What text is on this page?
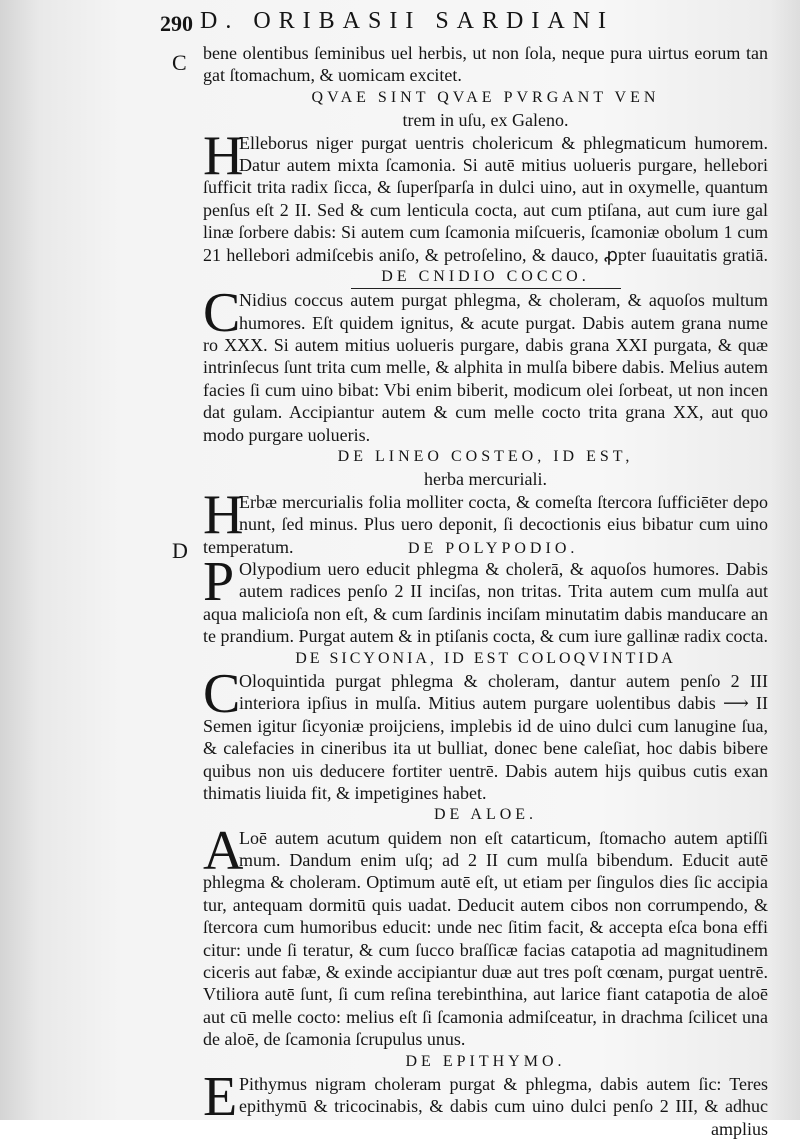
290 D. ORIBASII SARDIANI
C
D

bene olentibus ſeminibus uel herbis, ut non ſola, neque pura uirtus eorum tan
gat ſtomachum, & uomicam excitet.
QVAE SINT QVAE PVRGANT VEN
trem in uſu, ex Galeno.
H
Elleborus niger purgat uentris cholericum & phlegmaticum humorem.
Datur autem mixta ſcamonia. Si autē mitius uolueris purgare, hellebori
ſufficit trita radix ſicca, & ſuperſparſa in dulci uino, aut in oxymelle, quantum
penſus eſt 2 II. Sed & cum lenticula cocta, aut cum ptiſana, aut cum iure gal
linæ ſorbere dabis: Si autem cum ſcamonia miſcueris, ſcamoniæ obolum 1 cum
21 hellebori admiſcebis aniſo, & petroſelino, & dauco, ꝓpter ſuauitatis gratiā.
DE CNIDIO COCCO.
C
Nidius coccus autem purgat phlegma, & choleram, & aquoſos multum
humores. Eſt quidem ignitus, & acute purgat. Dabis autem grana nume
ro XXX. Si autem mitius uolueris purgare, dabis grana XXI purgata, & quæ
intrinſecus ſunt trita cum melle, & alphita in mulſa bibere dabis. Melius autem
facies ſi cum uino bibat: Vbi enim biberit, modicum olei ſorbeat, ut non incen
dat gulam. Accipiantur autem & cum melle cocto trita grana XX, aut quo
modo purgare uolueris.
DE LINEO COSTEO, ID EST,
herba mercuriali.
H
Erbæ mercurialis folia molliter cocta, & comeſta ſtercora ſufficiēter depo
nunt, ſed minus. Plus uero deponit, ſi decoctionis eius bibatur cum uino
temperatum.	DE POLYPODIO.
P Olypodium uero educit phlegma & cholerā, & aquoſos humores. Dabis
autem radices penſo 2 II inciſas, non tritas. Trita autem cum mulſa aut
aqua malicioſa non eſt, & cum ſardinis inciſam minutatim dabis manducare an
te prandium. Purgat autem & in ptiſanis cocta, & cum iure gallinæ radix cocta.
DE SICYONIA, ID EST COLOQVINTIDA
C
Oloquintida purgat phlegma & choleram, dantur autem penſo 2 III
interiora ipſius in mulſa. Mitius autem purgare uolentibus dabis ⟶ II
Semen igitur ſicyoniæ proijciens, implebis id de uino dulci cum lanugine ſua,
& calefacies in cineribus ita ut bulliat, donec bene caleſiat, hoc dabis bibere
quibus non uis deducere fortiter uentrē. Dabis autem hijs quibus cutis exan
thimatis liuida fit, & impetigines habet.
DE ALOE.
A
Loē autem acutum quidem non eſt catarticum, ſtomacho autem aptiſſi
mum. Dandum enim uſq; ad 2 II cum mulſa bibendum. Educit autē
phlegma & choleram. Optimum autē eſt, ut etiam per ſingulos dies ſic accipia
tur, antequam dormitū quis uadat. Deducit autem cibos non corrumpendo, &
ſtercora cum humoribus educit: unde nec ſitim facit, & accepta eſca bona effi
citur: unde ſi teratur, & cum ſucco braſſicæ facias catapotia ad magnitudinem
ciceris aut fabæ, & exinde accipiantur duæ aut tres poſt cœnam, purgat uentrē.
Vtiliora autē ſunt, ſi cum reſina terebinthina, aut larice fiant catapotia de aloē
aut cū melle cocto: melius eſt ſi ſcamonia admiſceatur, in drachma ſcilicet una
de aloē, de ſcamonia ſcrupulus unus.
DE EPITHYMO.
E Pithymus nigram choleram purgat & phlegma, dabis autem ſic: Teres
epithymū & tricocinabis, & dabis cum uino dulci penſo 2 III, & adhuc
amplius
